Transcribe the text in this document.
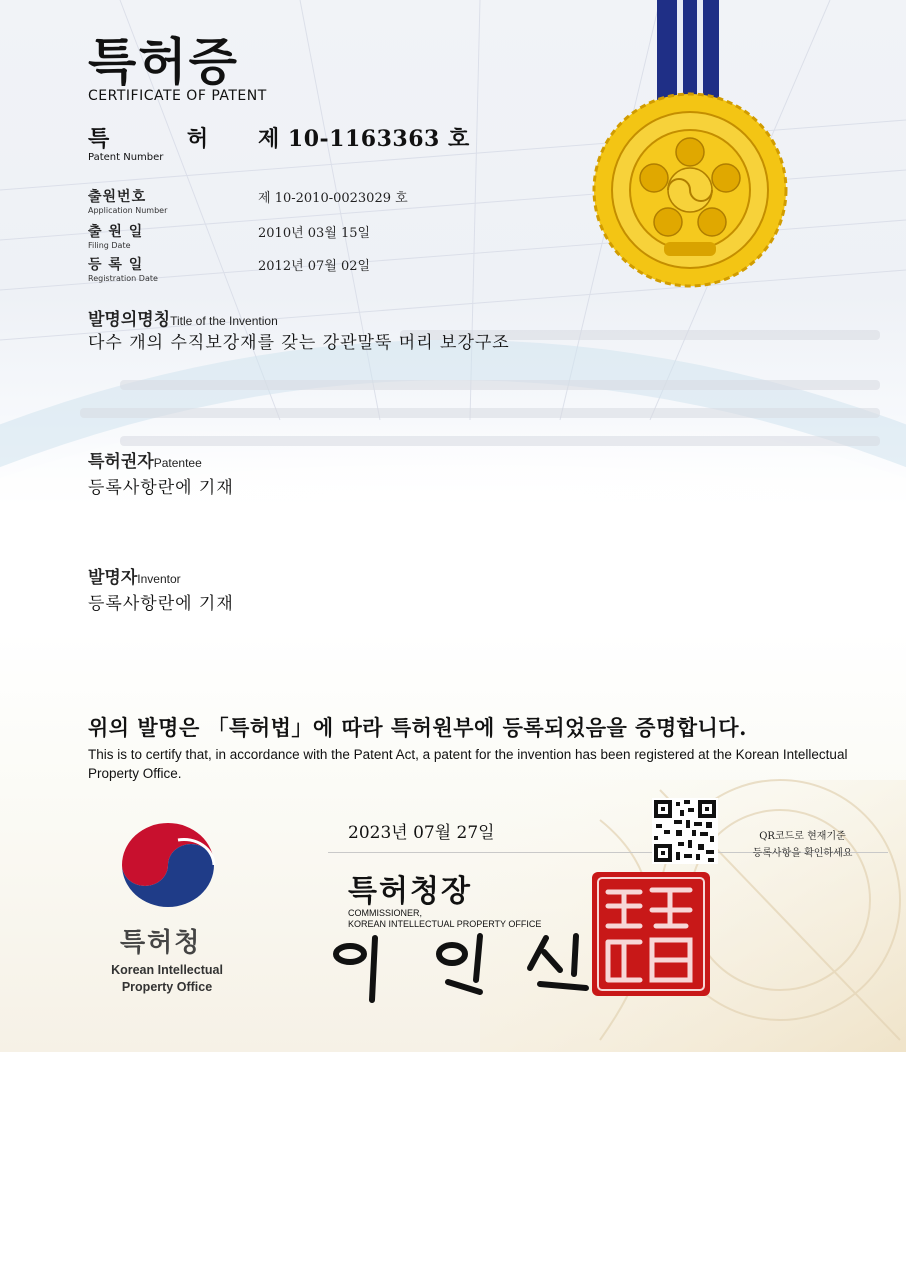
특허증
CERTIFICATE OF PATENT
특 허
Patent Number
제 10-1163363 호
출원번호
Application Number
제 10-2010-0023029 호
출 원 일
Filing Date
2010년 03월 15일
등 록 일
Registration Date
2012년 07월 02일
발명의명칭Title of the Invention
다수 개의 수직보강재를 갖는 강관말뚝 머리 보강구조
특허권자Patentee
등록사항란에 기재
발명자Inventor
등록사항란에 기재
위의 발명은 「특허법」에 따라 특허원부에 등록되었음을 증명합니다.
This is to certify that, in accordance with the Patent Act, a patent for the invention has been registered at the Korean Intellectual Property Office.
특허청
Korean Intellectual Property Office
2023년 07월 27일
특허청장
COMMISSIONER,
KOREAN INTELLECTUAL PROPERTY OFFICE
QR코드로 현재기준
등록사항을 확인하세요
